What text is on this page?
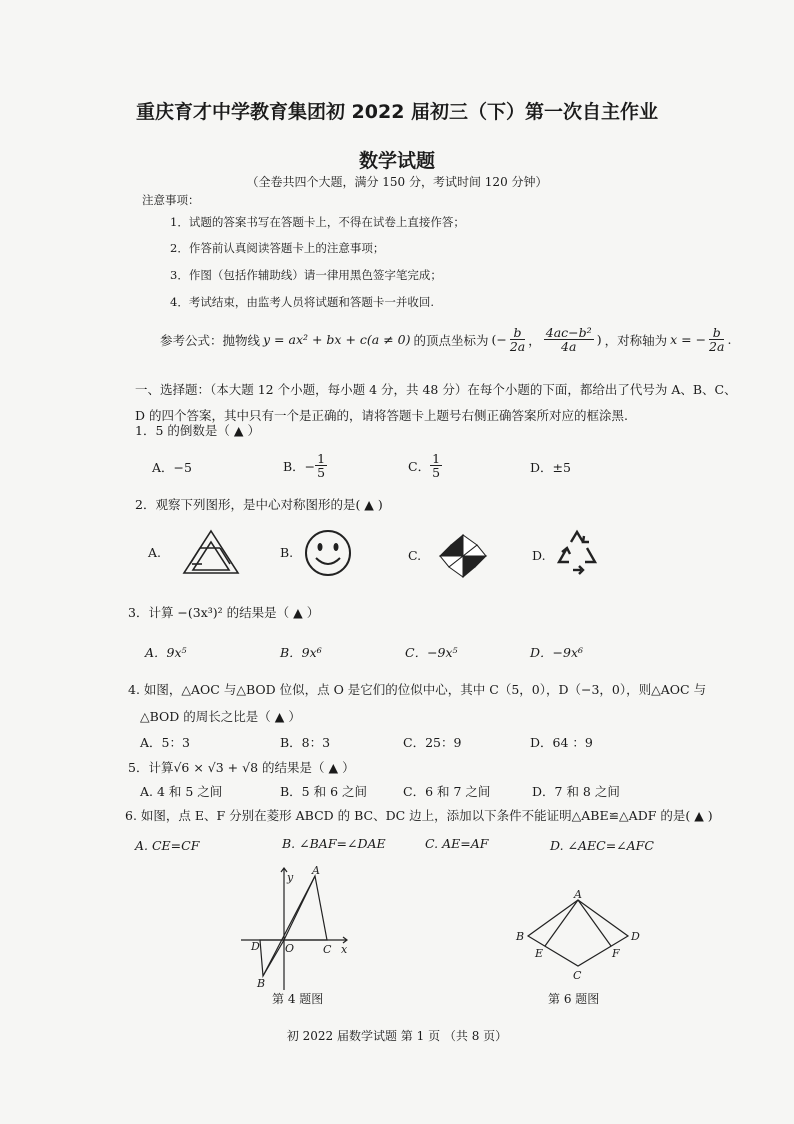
重庆育才中学教育集团初 2022 届初三（下）第一次自主作业
数学试题
（全卷共四个大题，满分 150 分，考试时间 120 分钟）
注意事项：
1．试题的答案书写在答题卡上，不得在试卷上直接作答；
2．作答前认真阅读答题卡上的注意事项；
3．作图（包括作辅助线）请一律用黑色签字笔完成；
4．考试结束，由监考人员将试题和答题卡一并收回.
参考公式：抛物线 y = ax² + bx + c(a ≠ 0) 的顶点坐标为 (− $\frac{b}{2a}$ ， $\frac{\text{4ac−b²}}{4a}$ ) ，对称轴为 x = − $\frac{b}{2a}$ .
一、选择题：（本大题 12 个小题，每小题 4 分，共 48 分）在每个小题的下面，都给出了代号为 A、B、C、
D 的四个答案，其中只有一个是正确的，请将答题卡上题号右侧正确答案所对应的框涂黑.
1．5 的倒数是（ ▲ ）
A．−5	B．− $\frac{1}{5}$	C． $\frac{1}{5}$	D．±5
2．观察下列图形，是中心对称图形的是( ▲ )
A.	B.	C.	D.
3．计算 −(3x³)² 的结果是（ ▲ ）
A．9x⁵	B．9x⁶	C．−9x⁵	D．−9x⁶
4. 如图，△AOC 与△BOD 位似，点 O 是它们的位似中心，其中 C（5，0），D（−3，0），则△AOC 与
△BOD 的周长之比是（ ▲ ）
A．5：3	B．8：3	C．25：9	D．64 ：9
5．计算√6 × √3 + √8 的结果是（ ▲ ）
A. 4 和 5 之间	B．5 和 6 之间	C．6 和 7 之间	D．7 和 8 之间
6. 如图，点 E、F 分别在菱形 ABCD 的 BC、DC 边上，添加以下条件不能证明△ABE≌△ADF 的是( ▲ )
A. CE=CF	B. ∠BAF=∠DAE	C. AE=AF	D. ∠AEC=∠AFC
y
A
O	C x
D
B
第 4 题图
A
B
C
D
E	F
第 6 题图
初 2022 届数学试题 第 1 页 （共 8 页）
